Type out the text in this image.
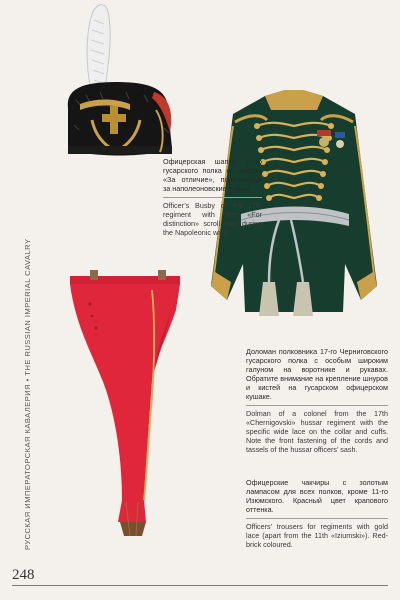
Офицерская шапка 17-го гусарского полка со знаком «За отличие», полученным за наполеоновские войны.

Officer’s Busby of the 17th regiment with the «For distinction» scroll won during the Napoleonic wars.

Доломан полковника 17-го Черниговского гусарского полка с особым широким галуном на воротнике и рукавах. Обратите внимание на крепление шнуров и кистей на гусарском офицерском кушаке.

Dolman of a colonel from the 17th «Chernigovski» hussar regiment with the specific wide lace on the collar and cuffs. Note the front fastening of the cords and tassels of the hussar officers’ sash.

Офицерские чакчиры с золотым лампасом для всех полков, кроме 11-го Изюмского. Красный цвет крапового оттенка.

Officers’ trousers for regiments with gold lace (apart from the 11th «Iziumski»). Red-brick coloured.

РУССКАЯ ИМПЕРАТОРСКАЯ КАВАЛЕРИЯ • THE RUSSIAN IMPERIAL CAVALRY
248
